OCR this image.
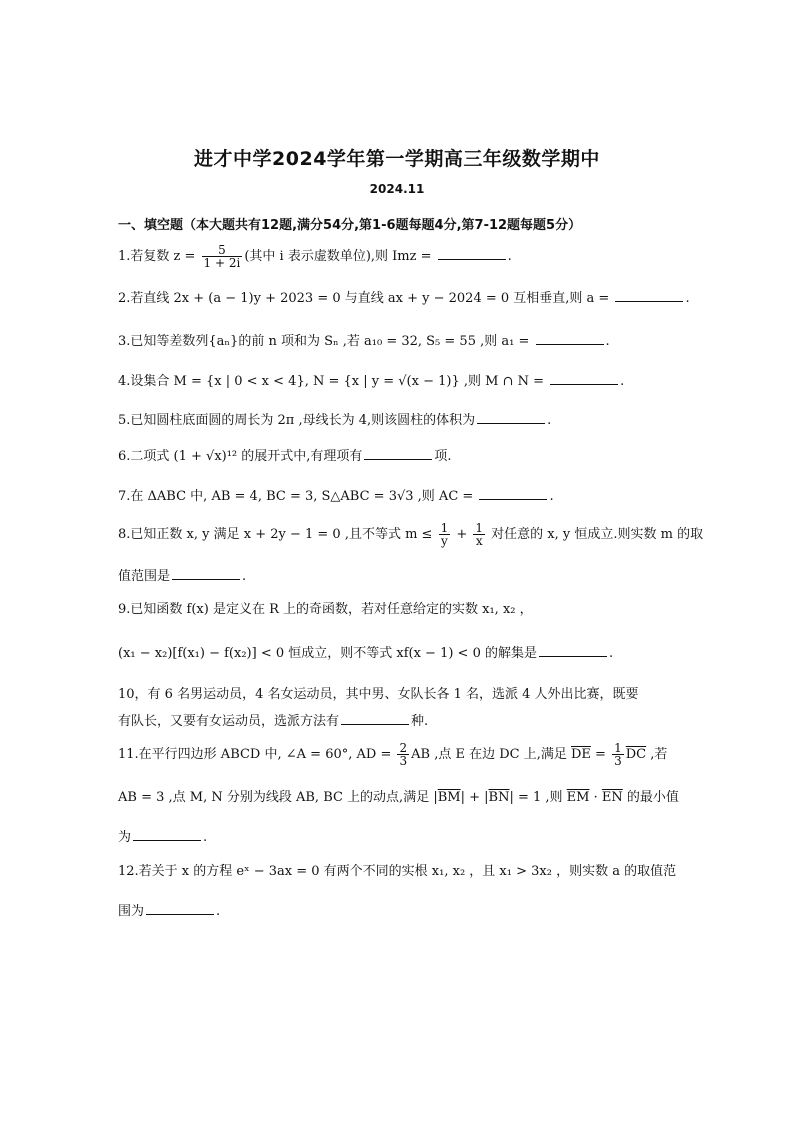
进才中学2024学年第一学期高三年级数学期中
2024.11
一、填空题（本大题共有12题,满分54分,第1-6题每题4分,第7-12题每题5分）
1.若复数 $z = \frac{5}{1 + 2i}$ (其中 i 表示虚数单位),则 Imz =	.
2.若直线 2x + (a − 1)y + 2023 = 0 与直线 ax + y − 2024 = 0 互相垂直,则 a =	.
3.已知等差数列{aₙ}的前 n 项和为 Sₙ ,若 a₁₀ = 32, S₅ = 55 ,则 a₁ =	.
4.设集合 M = {x | 0 < x < 4}, N = {x | y = √(x − 1)} ,则 M ∩ N =	.
5.已知圆柱底面圆的周长为 2π ,母线长为 4,则该圆柱的体积为	.
6.二项式 (1 + √x)¹² 的展开式中,有理项有	项.
7.在 ΔABC 中, AB = 4, BC = 3, S△ABC = 3√3 ,则 AC =	.
8.已知正数 x, y 满足 x + 2y − 1 = 0 ,且不等式 $m \le \frac{1}{y} + \frac{1}{x}$ 对任意的 x, y 恒成立.则实数 m 的取
值范围是	.
9.已知函数 f(x) 是定义在 R 上的奇函数，若对任意给定的实数 x₁, x₂ ，
(x₁ − x₂)[f(x₁) − f(x₂)] < 0 恒成立，则不等式 xf(x − 1) < 0 的解集是	.
10，有 6 名男运动员，4 名女运动员，其中男、女队长各 1 名，选派 4 人外出比赛，既要
有队长，又要有女运动员，选派方法有	种.
11.在平行四边形 ABCD 中, ∠A = 60°, AD = $\frac{2}{3}$ AB ,点 E 在边 DC 上,满足 $\overline{DE} = \frac{1}{3} \overline{DC}$ ,若
AB = 3 ,点 M, N 分别为线段 AB, BC 上的动点,满足 $|\overline{BM}| + |\overline{BN}| = 1$ ,则 $\overline{EM} \cdot \overline{EN}$ 的最小值
为	.
12.若关于 x 的方程 eˣ − 3ax = 0 有两个不同的实根 x₁, x₂ ，且 x₁ > 3x₂ ，则实数 a 的取值范
围为	.
